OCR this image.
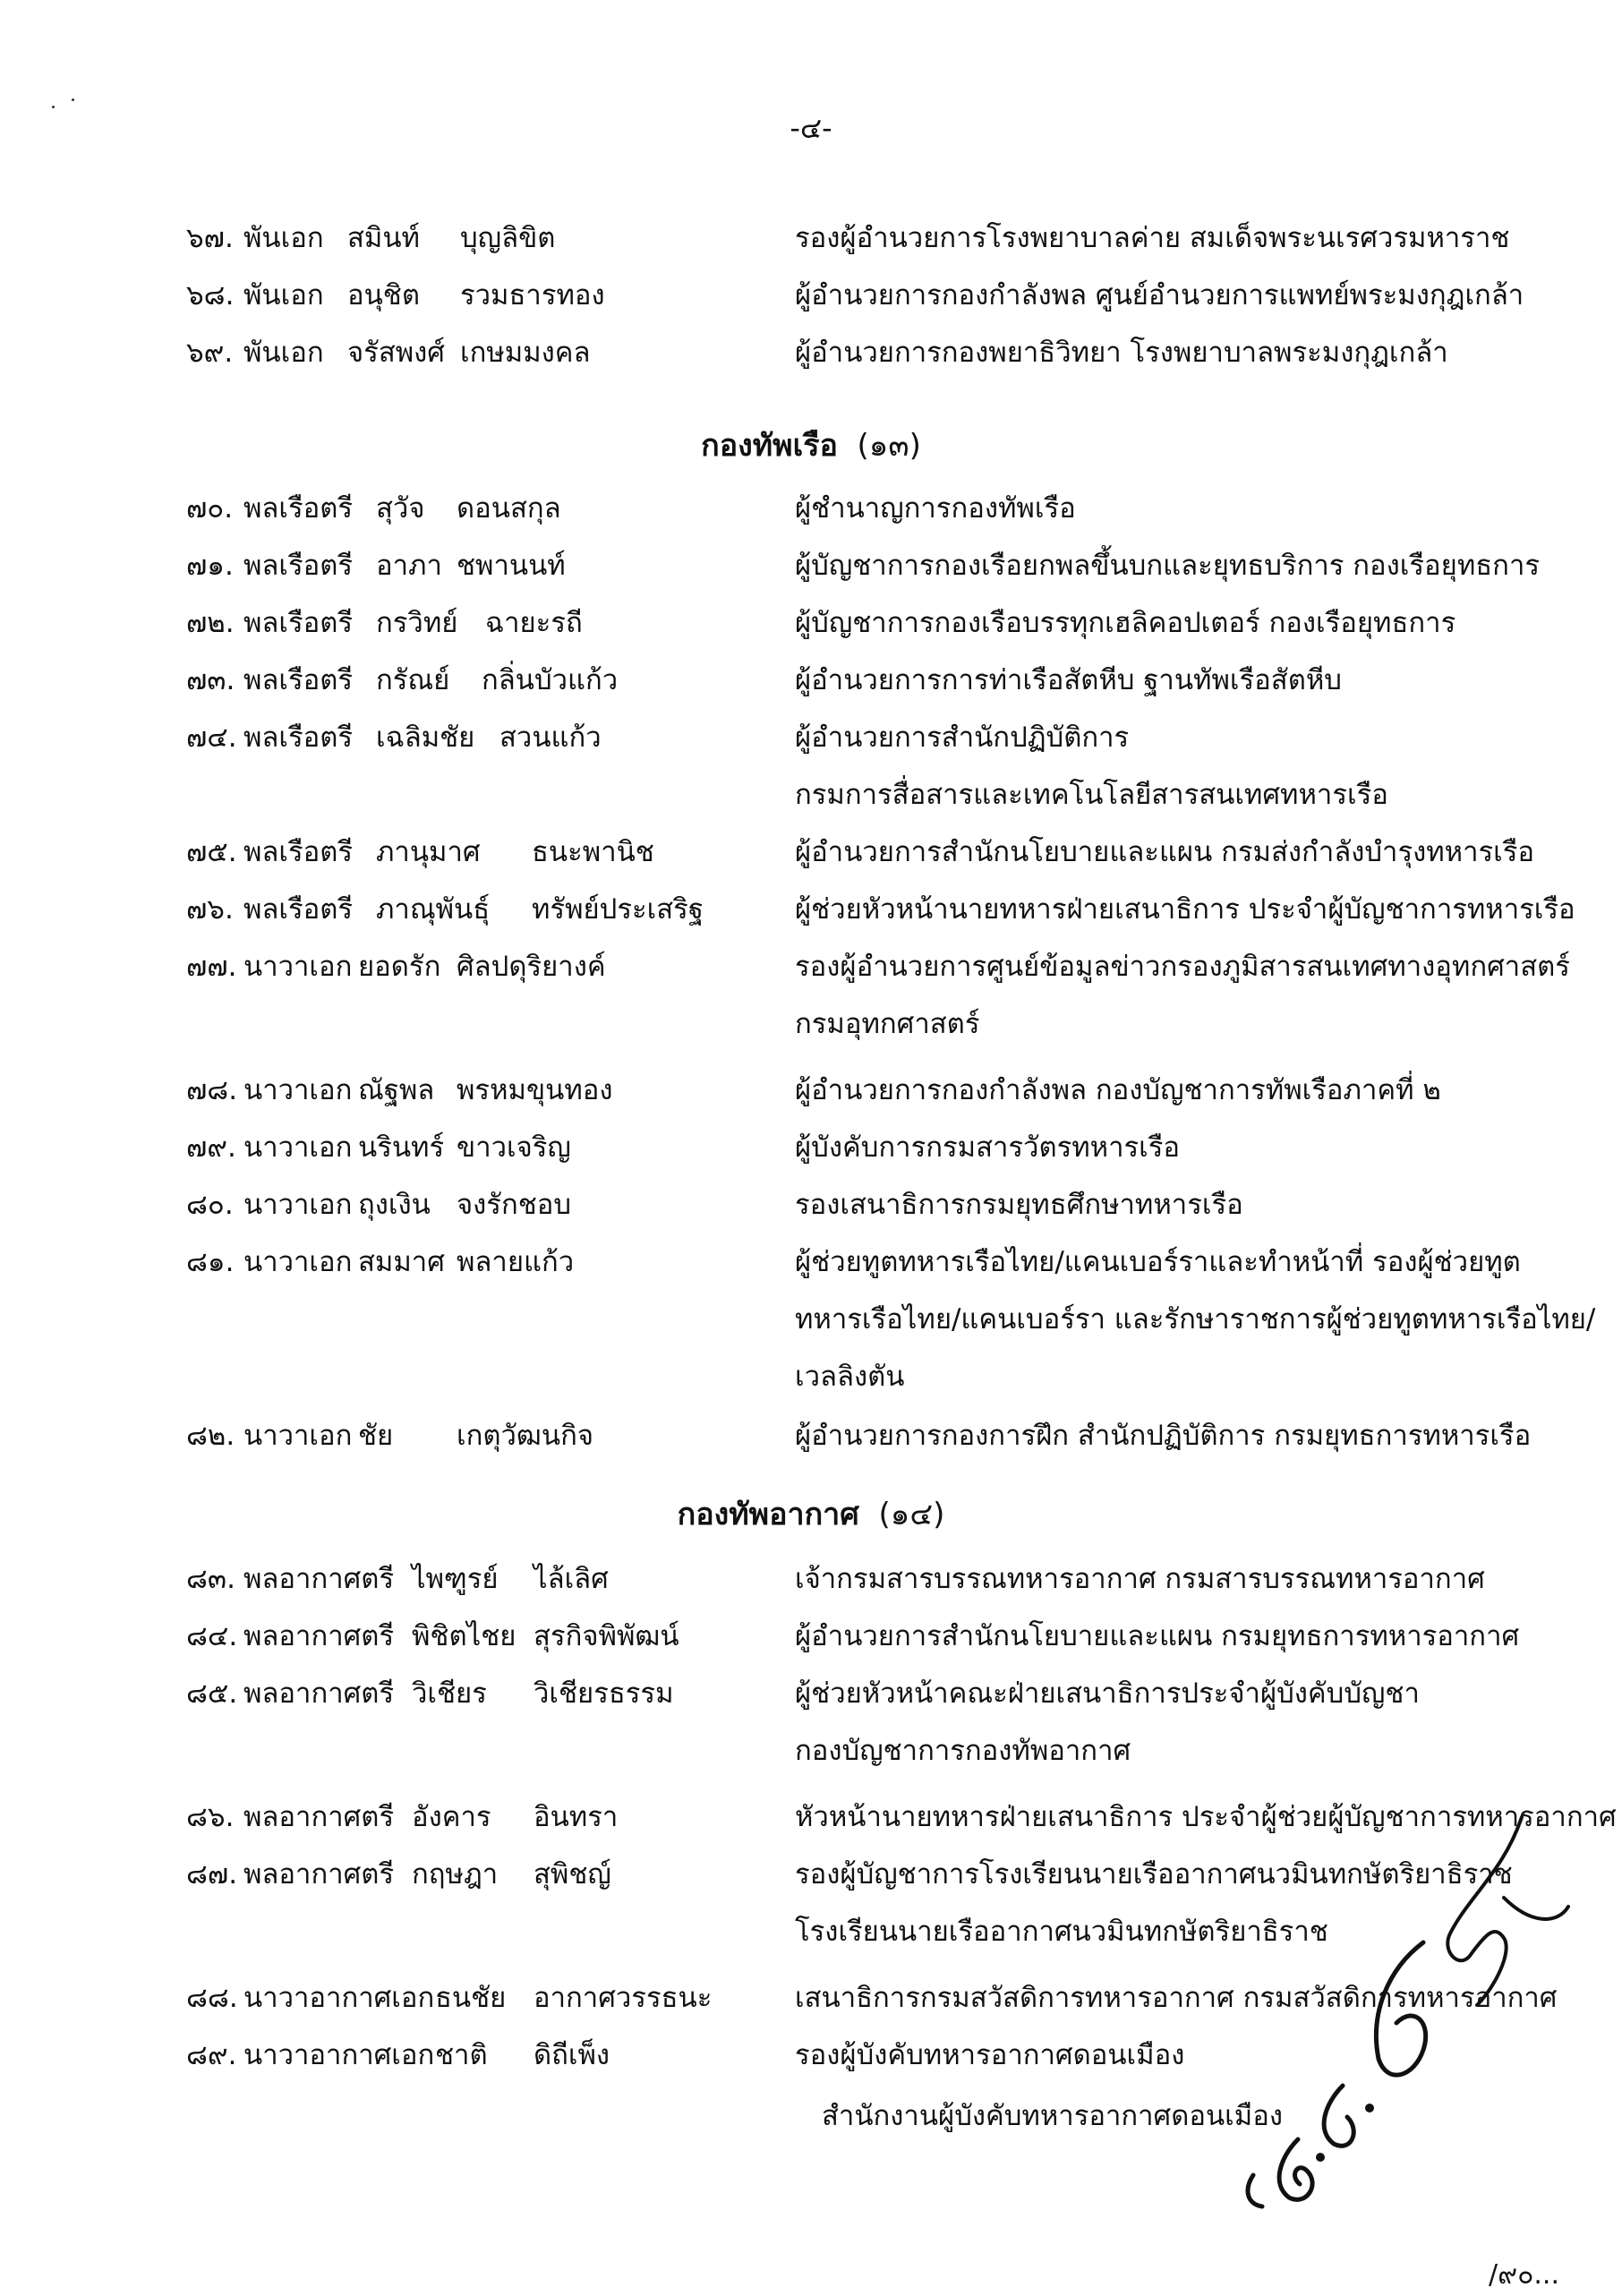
-๔-
๖๗. พันเอก สมินท์ บุญลิขิต	รองผู้อำนวยการโรงพยาบาลค่าย สมเด็จพระนเรศวรมหาราช
๖๘. พันเอก อนุชิต รวมธารทอง	ผู้อำนวยการกองกำลังพล ศูนย์อำนวยการแพทย์พระมงกุฎเกล้า
๖๙. พันเอก จรัสพงศ์ เกษมมงคล	ผู้อำนวยการกองพยาธิวิทยา โรงพยาบาลพระมงกุฎเกล้า
กองทัพเรือ (๑๓)
๗๐. พลเรือตรี สุวัจ ดอนสกุล	ผู้ชำนาญการกองทัพเรือ
๗๑. พลเรือตรี อาภา ชพานนท์	ผู้บัญชาการกองเรือยกพลขึ้นบกและยุทธบริการ กองเรือยุทธการ
๗๒. พลเรือตรี กรวิทย์ ฉายะรถี	ผู้บัญชาการกองเรือบรรทุกเฮลิคอปเตอร์ กองเรือยุทธการ
๗๓. พลเรือตรี กรัณย์ กลิ่นบัวแก้ว	ผู้อำนวยการการท่าเรือสัตหีบ ฐานทัพเรือสัตหีบ
๗๔. พลเรือตรี เฉลิมชัย สวนแก้ว	ผู้อำนวยการสำนักปฏิบัติการ
กรมการสื่อสารและเทคโนโลยีสารสนเทศทหารเรือ
๗๕. พลเรือตรี ภานุมาศ ธนะพานิช	ผู้อำนวยการสำนักนโยบายและแผน กรมส่งกำลังบำรุงทหารเรือ
๗๖. พลเรือตรี ภาณุพันธุ์ ทรัพย์ประเสริฐ	ผู้ช่วยหัวหน้านายทหารฝ่ายเสนาธิการ ประจำผู้บัญชาการทหารเรือ
๗๗. นาวาเอก ยอดรัก ศิลปดุริยางค์	รองผู้อำนวยการศูนย์ข้อมูลข่าวกรองภูมิสารสนเทศทางอุทกศาสตร์
กรมอุทกศาสตร์
๗๘. นาวาเอก ณัฐพล พรหมขุนทอง	ผู้อำนวยการกองกำลังพล กองบัญชาการทัพเรือภาคที่ ๒
๗๙. นาวาเอก นรินทร์ ขาวเจริญ	ผู้บังคับการกรมสารวัตรทหารเรือ
๘๐. นาวาเอก ถุงเงิน จงรักชอบ	รองเสนาธิการกรมยุทธศึกษาทหารเรือ
๘๑. นาวาเอก สมมาศ พลายแก้ว	ผู้ช่วยทูตทหารเรือไทย/แคนเบอร์ราและทำหน้าที่ รองผู้ช่วยทูต
ทหารเรือไทย/แคนเบอร์รา และรักษาราชการผู้ช่วยทูตทหารเรือไทย/
เวลลิงตัน
๘๒. นาวาเอก ชัย เกตุวัฒนกิจ	ผู้อำนวยการกองการฝึก สำนักปฏิบัติการ กรมยุทธการทหารเรือ
กองทัพอากาศ (๑๔)
๘๓. พลอากาศตรี ไพฑูรย์ ไล้เลิศ	เจ้ากรมสารบรรณทหารอากาศ กรมสารบรรณทหารอากาศ
๘๔. พลอากาศตรี พิชิตไชย สุรกิจพิพัฒน์	ผู้อำนวยการสำนักนโยบายและแผน กรมยุทธการทหารอากาศ
๘๕. พลอากาศตรี วิเชียร วิเชียรธรรม	ผู้ช่วยหัวหน้าคณะฝ่ายเสนาธิการประจำผู้บังคับบัญชา
กองบัญชาการกองทัพอากาศ
๘๖. พลอากาศตรี อังคาร อินทรา	หัวหน้านายทหารฝ่ายเสนาธิการ ประจำผู้ช่วยผู้บัญชาการทหารอากาศ
๘๗. พลอากาศตรี กฤษฎา สุพิชญ์	รองผู้บัญชาการโรงเรียนนายเรืออากาศนวมินทกษัตริยาธิราช
โรงเรียนนายเรืออากาศนวมินทกษัตริยาธิราช
๘๘. นาวาอากาศเอก ธนชัย อากาศวรรธนะ	เสนาธิการกรมสวัสดิการทหารอากาศ กรมสวัสดิการทหารอากาศ
๘๙. นาวาอากาศเอก ชาติ ดิถีเพ็ง	รองผู้บังคับทหารอากาศดอนเมือง
สำนักงานผู้บังคับทหารอากาศดอนเมือง
/๙๐...
